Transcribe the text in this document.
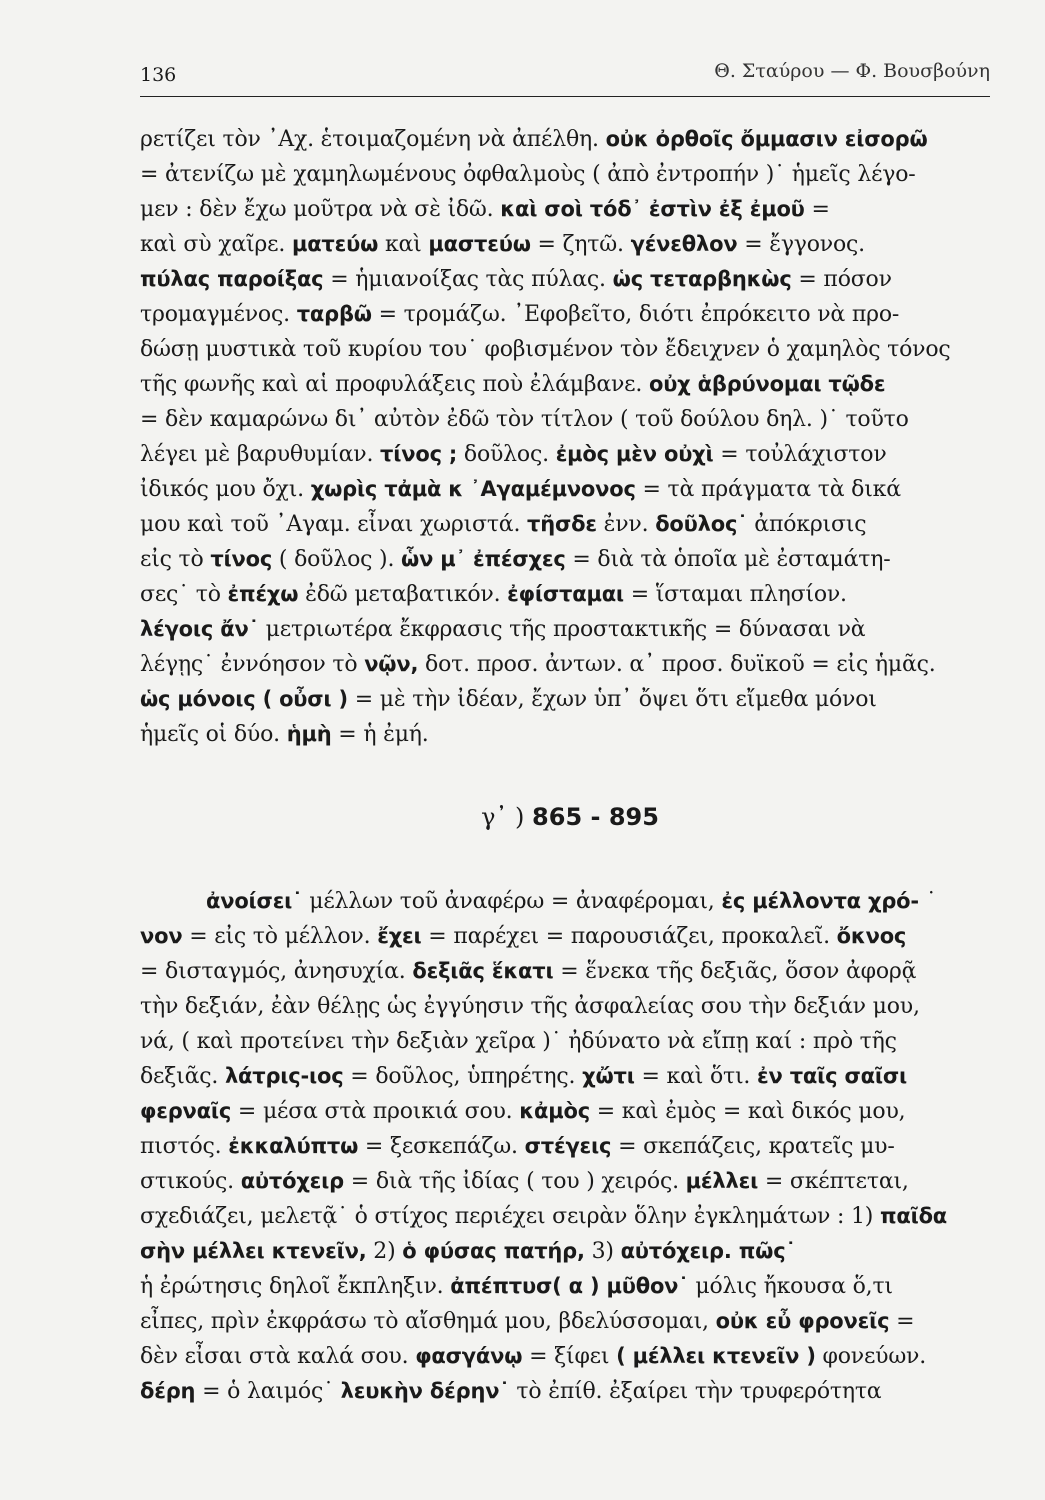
136	Θ. Σταύρου — Φ. Βουσβούνη
ρετίζει τὸν ᾿Αχ. ἑτοιμαζομένη νὰ ἀπέλθη. οὐκ ὀρθοῖς ὄμμασιν εἰσορῶ
= ἀτενίζω μὲ χαμηλωμένους ὀφθαλμοὺς ( ἀπὸ ἐντροπήν )˙ ἡμεῖς λέγο-
μεν : δὲν ἔχω μοῦτρα νὰ σὲ ἰδῶ. καὶ σοὶ τόδ᾿ ἐστὶν ἐξ ἐμοῦ =
καὶ σὺ χαῖρε. ματεύω καὶ μαστεύω = ζητῶ. γένεθλον = ἔγγονος.
πύλας παροίξας = ἡμιανοίξας τὰς πύλας. ὡς τεταρβηκὼς = πόσον
τρομαγμένος. ταρβῶ = τρομάζω. ᾿Εφοβεῖτο, διότι ἐπρόκειτο νὰ προ-
δώσῃ μυστικὰ τοῦ κυρίου του˙ φοβισμένον τὸν ἔδειχνεν ὁ χαμηλὸς τόνος
τῆς φωνῆς καὶ αἱ προφυλάξεις ποὺ ἐλάμβανε. οὐχ ἁβρύνομαι τῷδε
= δὲν καμαρώνω δι᾿ αὐτὸν ἐδῶ τὸν τίτλον ( τοῦ δούλου δηλ. )˙ τοῦτο
λέγει μὲ βαρυθυμίαν. τίνος ; δοῦλος. ἐμὸς μὲν οὐχὶ = τοὐλάχιστον
ἰδικός μου ὄχι. χωρὶς τἀμὰ κ ᾿Αγαμέμνονος = τὰ πράγματα τὰ δικά
μου καὶ τοῦ ᾿Αγαμ. εἶναι χωριστά. τῆσδε ἐνν. δοῦλος˙ ἀπόκρισις
εἰς τὸ τίνος ( δοῦλος ). ὧν μ᾿ ἐπέσχες = διὰ τὰ ὁποῖα μὲ ἐσταμάτη-
σες˙ τὸ ἐπέχω ἐδῶ μεταβατικόν. ἐφίσταμαι = ἵσταμαι πλησίον.
λέγοις ἄν˙ μετριωτέρα ἔκφρασις τῆς προστακτικῆς = δύνασαι νὰ
λέγῃς˙ ἐννόησον τὸ νῷν, δοτ. προσ. ἀντων. α᾿ προσ. δυϊκοῦ = εἰς ἡμᾶς.
ὡς μόνοις ( οὖσι ) = μὲ τὴν ἰδέαν, ἔχων ὑπ᾿ ὄψει ὅτι εἴμεθα μόνοι
ἡμεῖς οἱ δύο. ἡμὴ = ἡ ἐμή.
γ᾿ ) 865 - 895
ἀνοίσει˙ μέλλων τοῦ ἀναφέρω = ἀναφέρομαι, ἐς μέλλοντα χρό- ˙
νον = εἰς τὸ μέλλον. ἔχει = παρέχει = παρουσιάζει, προκαλεῖ. ὄκνος
= δισταγμός, ἀνησυχία. δεξιᾶς ἕκατι = ἕνεκα τῆς δεξιᾶς, ὅσον ἀφορᾷ
τὴν δεξιάν, ἐὰν θέλῃς ὡς ἐγγύησιν τῆς ἀσφαλείας σου τὴν δεξιάν μου,
νά, ( καὶ προτείνει τὴν δεξιὰν χεῖρα )˙ ἠδύνατο νὰ εἴπῃ καί : πρὸ τῆς
δεξιᾶς. λάτρις-ιος = δοῦλος, ὑπηρέτης. χὤτι = καὶ ὅτι. ἐν ταῖς σαῖσι
φερναῖς = μέσα στὰ προικιά σου. κἀμὸς = καὶ ἐμὸς = καὶ δικός μου,
πιστός. ἐκκαλύπτω = ξεσκεπάζω. στέγεις = σκεπάζεις, κρατεῖς μυ-
στικούς. αὐτόχειρ = διὰ τῆς ἰδίας ( του ) χειρός. μέλλει = σκέπτεται,
σχεδιάζει, μελετᾷ˙ ὁ στίχος περιέχει σειρὰν ὅλην ἐγκλημάτων : 1) παῖδα
σὴν μέλλει κτενεῖν, 2) ὁ φύσας πατήρ, 3) αὐτόχειρ. πῶς˙
ἡ ἐρώτησις δηλοῖ ἔκπληξιν. ἀπέπτυσ( α ) μῦθον˙ μόλις ἤκουσα ὅ,τι
εἶπες, πρὶν ἐκφράσω τὸ αἴσθημά μου, βδελύσσομαι, οὐκ εὖ φρονεῖς =
δὲν εἶσαι στὰ καλά σου. φασγάνῳ = ξίφει ( μέλλει κτενεῖν ) φονεύων.
δέρη = ὁ λαιμός˙ λευκὴν δέρην˙ τὸ ἐπίθ. ἐξαίρει τὴν τρυφερότητα
